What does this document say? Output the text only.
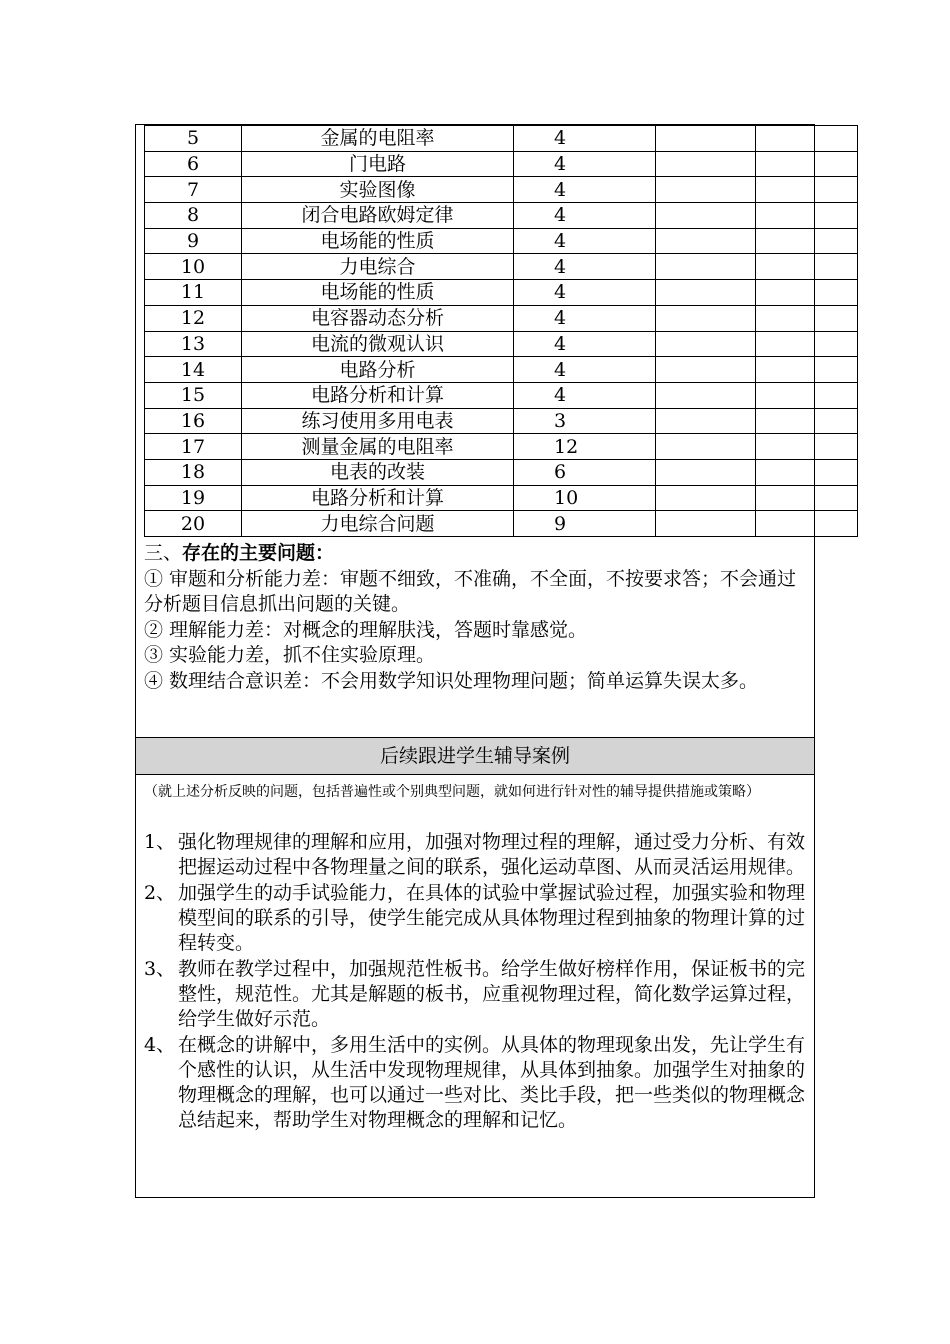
5	金属的电阻率	4		
6	门电路	4		
7	实验图像	4		
8	闭合电路欧姆定律	4		
9	电场能的性质	4		
10	力电综合	4		
11	电场能的性质	4		
12	电容器动态分析	4		
13	电流的微观认识	4		
14	电路分析	4		
15	电路分析和计算	4		
16	练习使用多用电表	3		
17	测量金属的电阻率	12		
18	电表的改装	6		
19	电路分析和计算	10		
20	力电综合问题	9		

三、存在的主要问题：

① 审题和分析能力差：审题不细致，不准确，不全面，不按要求答；不会通过分析题目信息抓出问题的关键。

② 理解能力差：对概念的理解肤浅，答题时靠感觉。

③ 实验能力差，抓不住实验原理。

④ 数理结合意识差：不会用数学知识处理物理问题；简单运算失误太多。

后续跟进学生辅导案例
（就上述分析反映的问题，包括普遍性或个别典型问题，就如何进行针对性的辅导提供措施或策略）

1、 强化物理规律的理解和应用，加强对物理过程的理解，通过受力分析、有效把握运动过程中各物理量之间的联系，强化运动草图、从而灵活运用规律。

2、 加强学生的动手试验能力，在具体的试验中掌握试验过程，加强实验和物理模型间的联系的引导，使学生能完成从具体物理过程到抽象的物理计算的过程转变。

3、 教师在教学过程中，加强规范性板书。给学生做好榜样作用，保证板书的完整性，规范性。尤其是解题的板书，应重视物理过程，简化数学运算过程，给学生做好示范。

4、 在概念的讲解中，多用生活中的实例。从具体的物理现象出发，先让学生有个感性的认识，从生活中发现物理规律，从具体到抽象。加强学生对抽象的物理概念的理解，也可以通过一些对比、类比手段，把一些类似的物理概念总结起来，帮助学生对物理概念的理解和记忆。
